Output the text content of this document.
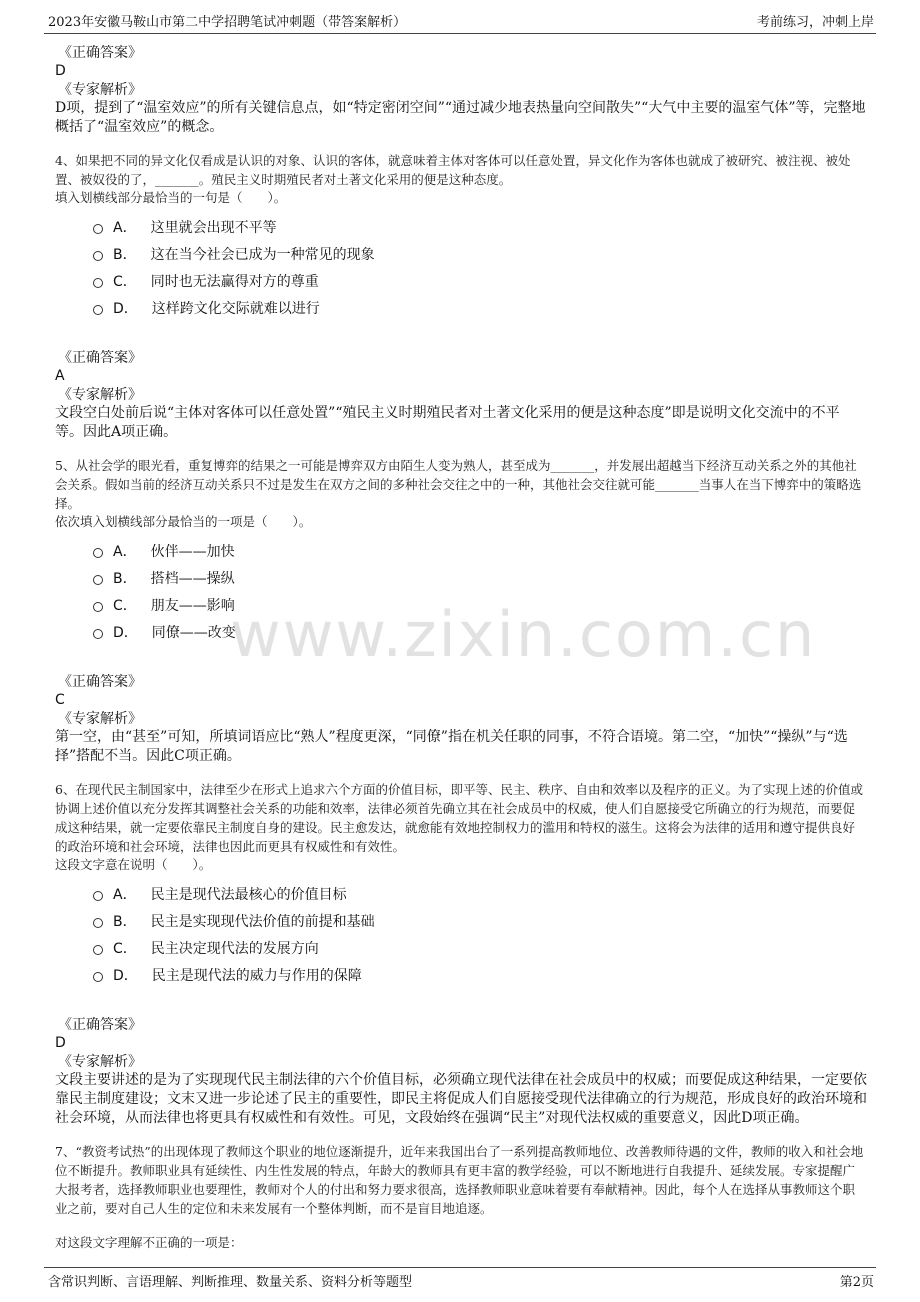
2023年安徽马鞍山市第二中学招聘笔试冲刺题（带答案解析）	考前练习，冲刺上岸
www.zixin.com.cn
《正确答案》
D
《专家解析》
D项，提到了“温室效应”的所有关键信息点，如“特定密闭空间”“通过减少地表热量向空间散失”“大气中主要的温室气体”等，完整地概括了“温室效应”的概念。
4、如果把不同的异文化仅看成是认识的对象、认识的客体，就意味着主体对客体可以任意处置，异文化作为客体也就成了被研究、被注视、被处置、被奴役的了，_______。殖民主义时期殖民者对土著文化采用的便是这种态度。
填入划横线部分最恰当的一句是（　　）。
A． 这里就会出现不平等
B． 这在当今社会已成为一种常见的现象
C． 同时也无法赢得对方的尊重
D． 这样跨文化交际就难以进行
《正确答案》
A
《专家解析》
文段空白处前后说“主体对客体可以任意处置”“殖民主义时期殖民者对土著文化采用的便是这种态度”即是说明文化交流中的不平等。因此A项正确。
5、从社会学的眼光看，重复博弈的结果之一可能是博弈双方由陌生人变为熟人，甚至成为_______，并发展出超越当下经济互动关系之外的其他社会关系。假如当前的经济互动关系只不过是发生在双方之间的多种社会交往之中的一种，其他社会交往就可能_______当事人在当下博弈中的策略选择。
依次填入划横线部分最恰当的一项是（　　）。
A． 伙伴——加快
B． 搭档——操纵
C． 朋友——影响
D． 同僚——改变
《正确答案》
C
《专家解析》
第一空，由“甚至”可知，所填词语应比“熟人”程度更深，“同僚”指在机关任职的同事，不符合语境。第二空，“加快”“操纵”与“选择”搭配不当。因此C项正确。
6、在现代民主制国家中，法律至少在形式上追求六个方面的价值目标，即平等、民主、秩序、自由和效率以及程序的正义。为了实现上述的价值或协调上述价值以充分发挥其调整社会关系的功能和效率，法律必须首先确立其在社会成员中的权威，使人们自愿接受它所确立的行为规范，而要促成这种结果，就一定要依靠民主制度自身的建设。民主愈发达，就愈能有效地控制权力的滥用和特权的滋生。这将会为法律的适用和遵守提供良好的政治环境和社会环境，法律也因此而更具有权威性和有效性。
这段文字意在说明（　　）。
A． 民主是现代法最核心的价值目标
B． 民主是实现现代法价值的前提和基础
C． 民主决定现代法的发展方向
D． 民主是现代法的威力与作用的保障
《正确答案》
D
《专家解析》
文段主要讲述的是为了实现现代民主制法律的六个价值目标，必须确立现代法律在社会成员中的权威；而要促成这种结果，一定要依靠民主制度建设；文末又进一步论述了民主的重要性，即民主将促成人们自愿接受现代法律确立的行为规范，形成良好的政治环境和社会环境，从而法律也将更具有权威性和有效性。可见，文段始终在强调“民主”对现代法权威的重要意义，因此D项正确。
7、“教资考试热”的出现体现了教师这个职业的地位逐渐提升，近年来我国出台了一系列提高教师地位、改善教师待遇的文件，教师的收入和社会地位不断提升。教师职业具有延续性、内生性发展的特点，年龄大的教师具有更丰富的教学经验，可以不断地进行自我提升、延续发展。专家提醒广大报考者，选择教师职业也要理性，教师对个人的付出和努力要求很高，选择教师职业意味着要有奉献精神。因此，每个人在选择从事教师这个职业之前，要对自己人生的定位和未来发展有一个整体判断，而不是盲目地追逐。
对这段文字理解不正确的一项是：
含常识判断、言语理解、判断推理、数量关系、资料分析等题型	第2页
